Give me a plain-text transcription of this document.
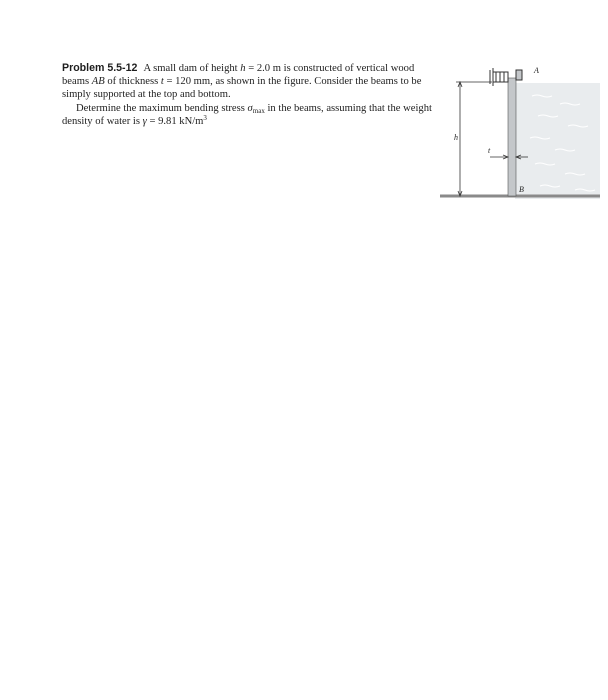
Problem 5.5-12 A small dam of height h = 2.0 m is constructed of vertical wood beams AB of thickness t = 120 mm, as shown in the figure. Consider the beams to be simply supported at the top and bottom.

Determine the maximum bending stress $\sigma_{max}$ in the beams, assuming that the weight density of water is γ = 9.81 $kN/m^3$

h
t
A
B
